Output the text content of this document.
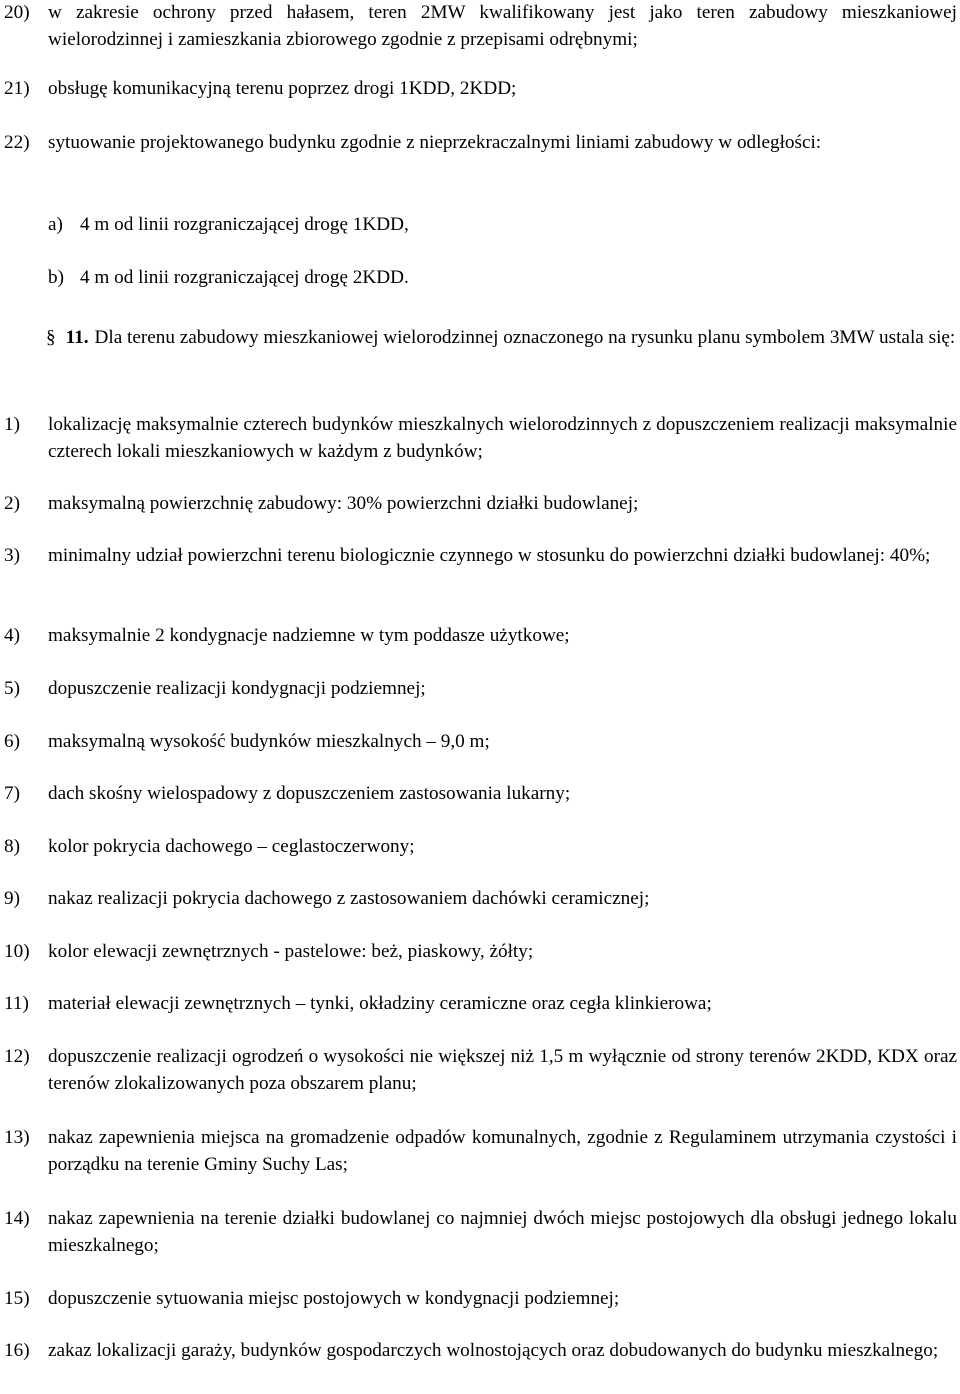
20) w zakresie ochrony przed hałasem, teren 2MW kwalifikowany jest jako teren zabudowy mieszkaniowej wielorodzinnej i zamieszkania zbiorowego zgodnie z przepisami odrębnymi;
21) obsługę komunikacyjną terenu poprzez drogi 1KDD, 2KDD;
22) sytuowanie projektowanego budynku zgodnie z nieprzekraczalnymi liniami zabudowy w odległości:
a) 4 m od linii rozgraniczającej drogę 1KDD,
b) 4 m od linii rozgraniczającej drogę 2KDD.
§ 11. Dla terenu zabudowy mieszkaniowej wielorodzinnej oznaczonego na rysunku planu symbolem 3MW ustala się:
1) lokalizację maksymalnie czterech budynków mieszkalnych wielorodzinnych z dopuszczeniem realizacji maksymalnie czterech lokali mieszkaniowych w każdym z budynków;
2) maksymalną powierzchnię zabudowy: 30% powierzchni działki budowlanej;
3) minimalny udział powierzchni terenu biologicznie czynnego w stosunku do powierzchni działki budowlanej: 40%;
4) maksymalnie 2 kondygnacje nadziemne w tym poddasze użytkowe;
5) dopuszczenie realizacji kondygnacji podziemnej;
6) maksymalną wysokość budynków mieszkalnych – 9,0 m;
7) dach skośny wielospadowy z dopuszczeniem zastosowania lukarny;
8) kolor pokrycia dachowego – ceglastoczerwony;
9) nakaz realizacji pokrycia dachowego z zastosowaniem dachówki ceramicznej;
10) kolor elewacji zewnętrznych - pastelowe: beż, piaskowy, żółty;
11) materiał elewacji zewnętrznych – tynki, okładziny ceramiczne oraz cegła klinkierowa;
12) dopuszczenie realizacji ogrodzeń o wysokości nie większej niż 1,5 m wyłącznie od strony terenów 2KDD, KDX oraz terenów zlokalizowanych poza obszarem planu;
13) nakaz zapewnienia miejsca na gromadzenie odpadów komunalnych, zgodnie z Regulaminem utrzymania czystości i porządku na terenie Gminy Suchy Las;
14) nakaz zapewnienia na terenie działki budowlanej co najmniej dwóch miejsc postojowych dla obsługi jednego lokalu mieszkalnego;
15) dopuszczenie sytuowania miejsc postojowych w kondygnacji podziemnej;
16) zakaz lokalizacji garaży, budynków gospodarczych wolnostojących oraz dobudowanych do budynku mieszkalnego;
